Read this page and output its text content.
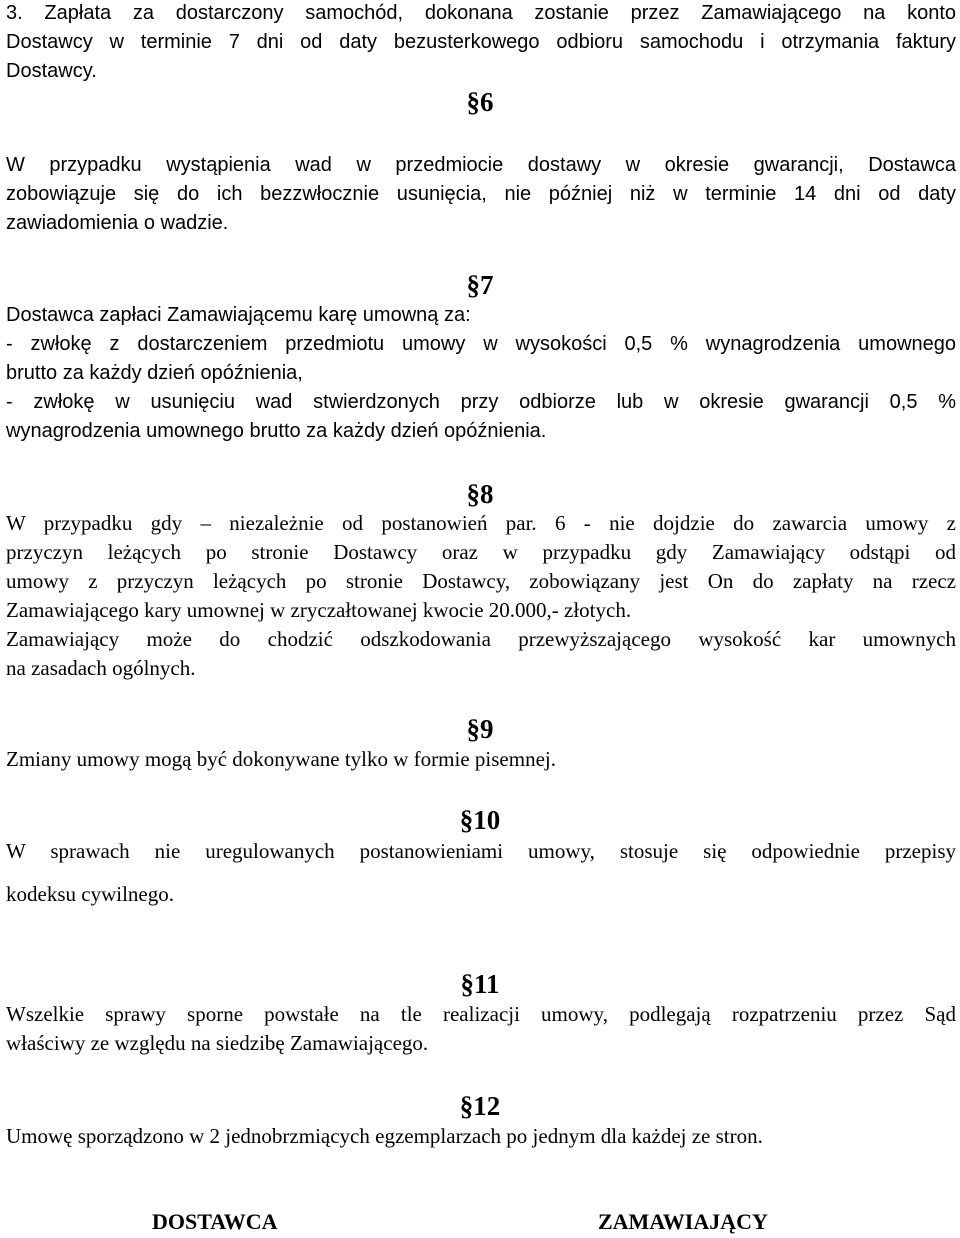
3. Zapłata za dostarczony samochód, dokonana zostanie przez Zamawiającego na konto
Dostawcy w terminie 7 dni od daty bezusterkowego odbioru samochodu i otrzymania faktury
Dostawcy.
§6
W przypadku wystąpienia wad w przedmiocie dostawy w okresie gwarancji, Dostawca
zobowiązuje się do ich bezzwłocznie usunięcia, nie później niż w terminie 14 dni od daty
zawiadomienia o wadzie.
§7
Dostawca zapłaci Zamawiającemu karę umowną za:
- zwłokę z dostarczeniem przedmiotu umowy w wysokości 0,5 % wynagrodzenia umownego
brutto za każdy dzień opóźnienia,
- zwłokę w usunięciu wad stwierdzonych przy odbiorze lub w okresie gwarancji 0,5 %
wynagrodzenia umownego brutto za każdy dzień opóźnienia.
§8
W przypadku gdy – niezależnie od postanowień par. 6 - nie dojdzie do zawarcia umowy z
przyczyn leżących po stronie Dostawcy oraz w przypadku gdy Zamawiający odstąpi od
umowy z przyczyn leżących po stronie Dostawcy, zobowiązany jest On do zapłaty na rzecz
Zamawiającego kary umownej w zryczałtowanej kwocie 20.000,- złotych.
Zamawiający może do chodzić odszkodowania przewyższającego wysokość kar umownych
na zasadach ogólnych.
§9
Zmiany umowy mogą być dokonywane tylko w formie pisemnej.
§10
W sprawach nie uregulowanych postanowieniami umowy, stosuje się odpowiednie przepisy
kodeksu cywilnego.
§11
Wszelkie sprawy sporne powstałe na tle realizacji umowy, podlegają rozpatrzeniu przez Sąd
właściwy ze względu na siedzibę Zamawiającego.
§12
Umowę sporządzono w 2 jednobrzmiących egzemplarzach po jednym dla każdej ze stron.

DOSTAWCA	ZAMAWIAJĄCY
